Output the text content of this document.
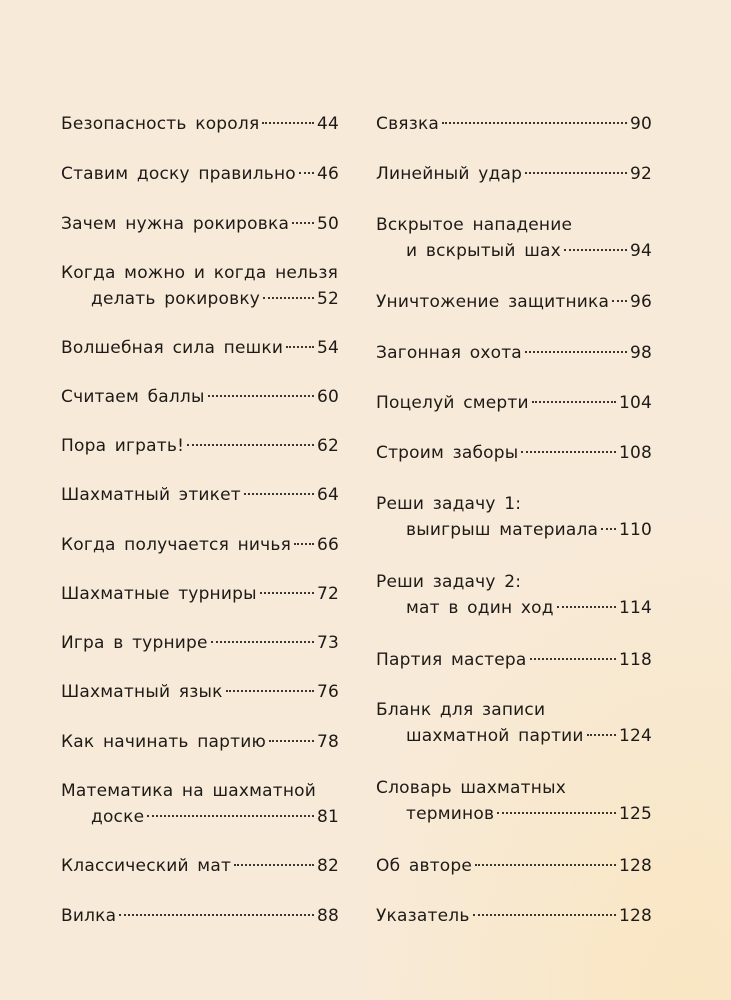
Безопасность короля	44
Ставим доску правильно 46
Зачем нужна рокировка 50
Когда можно и когда нельзя
делать рокировку	52
Волшебная сила пешки 54
Считаем баллы	60
Пора играть!	62
Шахматный этикет	64
Когда получается ничья 66
Шахматные турниры	72
Игра в турнире	73
Шахматный язык	76
Как начинать партию	78
Математика на шахматной
доске	81
Классический мат	82
Вилка	88
Связка	90
Линейный удар	92
Вскрытое нападение
и вскрытый шах	94
Уничтожение защитника 96
Загонная охота	98
Поцелуй смерти	104
Строим заборы	108
Реши задачу 1:
выигрыш материала 110
Реши задачу 2:
мат в один ход	114
Партия мастера	118
Бланк для записи
шахматной партии 124
Словарь шахматных
терминов	125
Об авторе	128
Указатель	128
